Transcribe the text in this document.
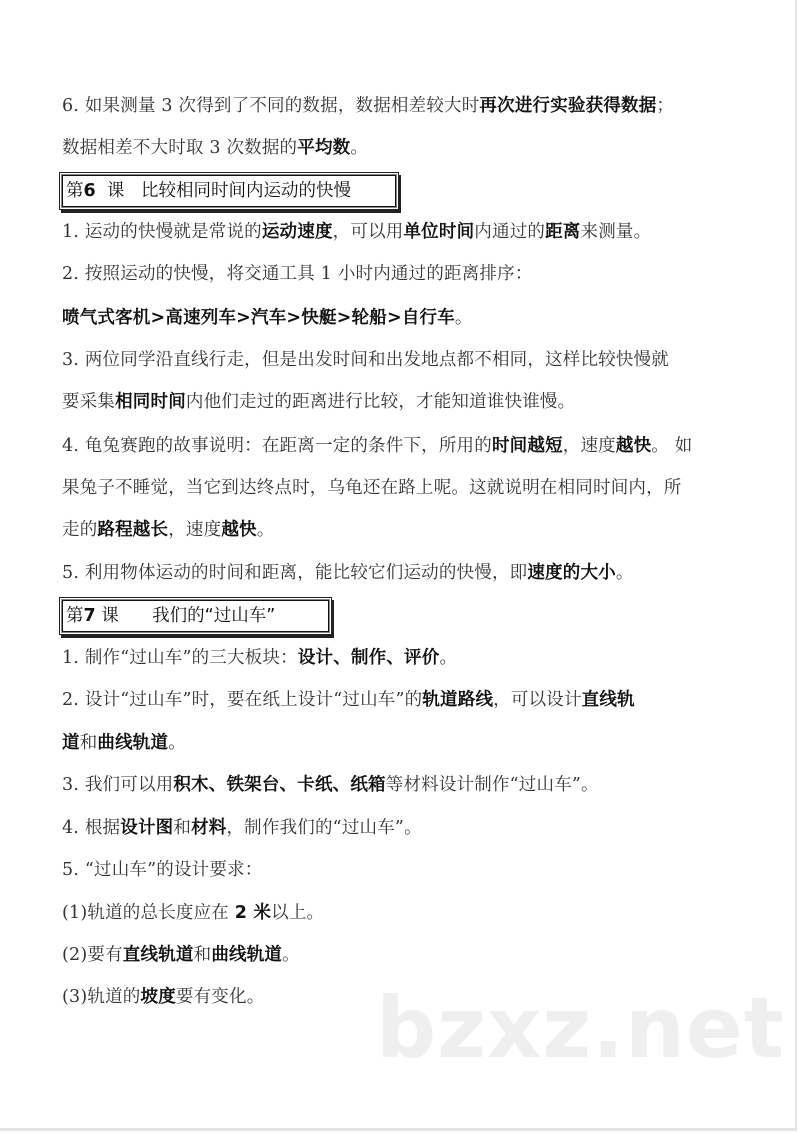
6. 如果测量 3 次得到了不同的数据，数据相差较大时再次进行实验获得数据；
数据相差不大时取 3 次数据的平均数。
第6  课   比较相同时间内运动的快慢
1. 运动的快慢就是常说的运动速度，可以用单位时间内通过的距离来测量。
2. 按照运动的快慢，将交通工具 1 小时内通过的距离排序：
喷气式客机>高速列车>汽车>快艇>轮船>自行车。
3. 两位同学沿直线行走，但是出发时间和出发地点都不相同，这样比较快慢就
要采集相同时间内他们走过的距离进行比较，才能知道谁快谁慢。
4. 龟兔赛跑的故事说明：在距离一定的条件下，所用的时间越短，速度越快。 如
果兔子不睡觉，当它到达终点时，乌龟还在路上呢。这就说明在相同时间内，所
走的路程越长，速度越快。
5. 利用物体运动的时间和距离，能比较它们运动的快慢，即速度的大小。
第7 课      我们的“过山车”
1. 制作“过山车”的三大板块：设计、制作、评价。
2. 设计“过山车”时，要在纸上设计“过山车”的轨道路线，可以设计直线轨
道和曲线轨道。
3. 我们可以用积木、铁架台、卡纸、纸箱等材料设计制作“过山车”。
4. 根据设计图和材料，制作我们的“过山车”。
5. “过山车”的设计要求：
(1)轨道的总长度应在 2 米以上。
(2)要有直线轨道和曲线轨道。
(3)轨道的坡度要有变化。 bzxz.net
